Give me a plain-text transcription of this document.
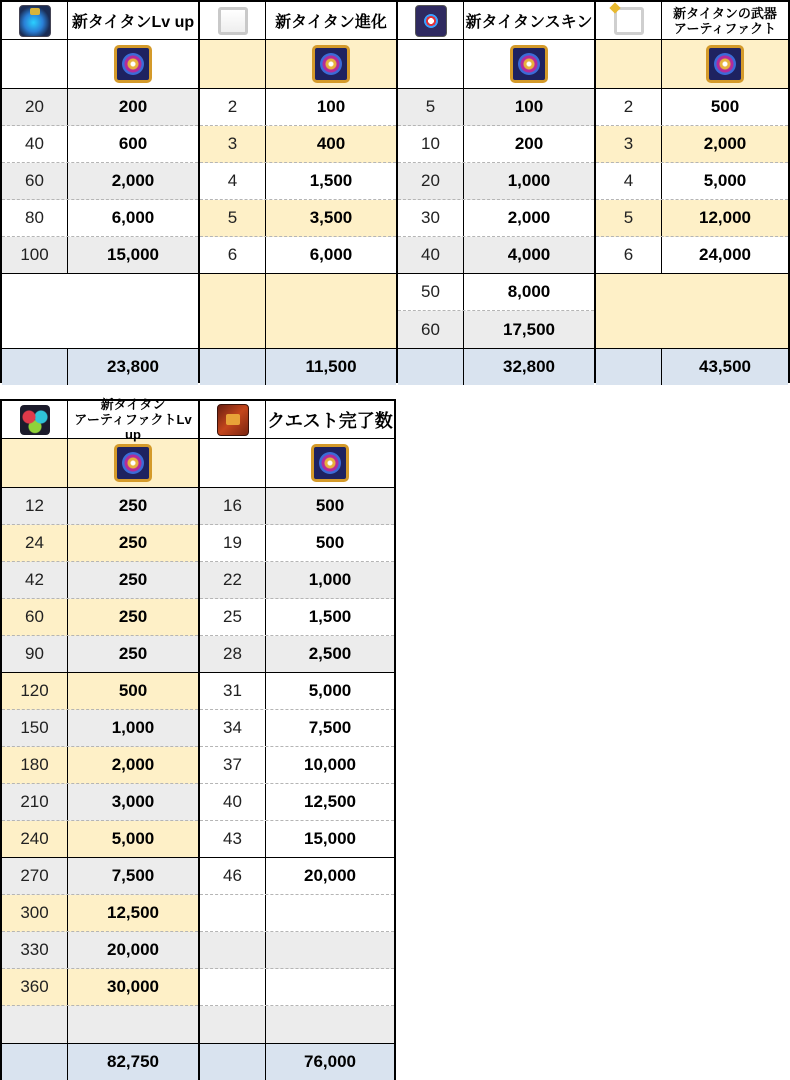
新タイタンLv up
20	200
40	600
60	2,000
80	6,000
100	15,000
23,800
新タイタン進化
2	100
3	400
4	1,500
5	3,500
6	6,000
11,500
新タイタンスキン
5	100
10	200
20	1,000
30	2,000
40	4,000
50	8,000
60	17,500
32,800
新タイタンの武器
アーティファクト
2	500
3	2,000
4	5,000
5	12,000
6	24,000
43,500
新タイタン
アーティファクトLv up
12	250
24	250
42	250
60	250
90	250
120	500
150	1,000
180	2,000
210	3,000
240	5,000
270	7,500
300	12,500
330	20,000
360	30,000
82,750
クエスト完了数
16	500
19	500
22	1,000
25	1,500
28	2,500
31	5,000
34	7,500
37	10,000
40	12,500
43	15,000
46	20,000
76,000
